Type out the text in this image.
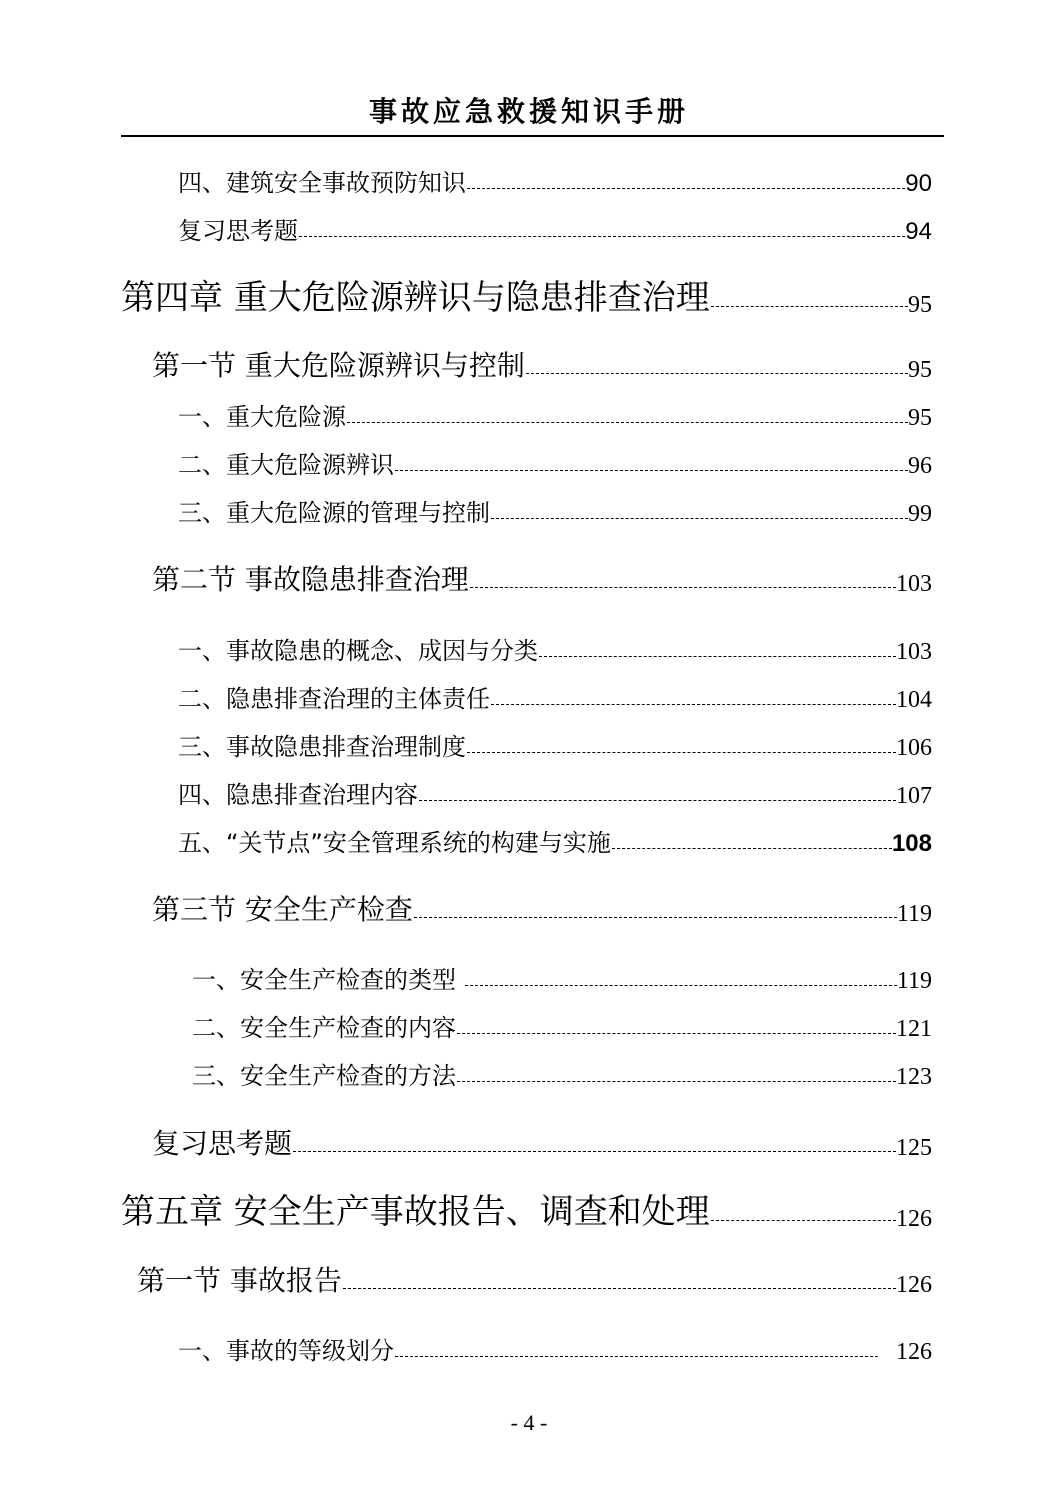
事故应急救援知识手册
四、建筑安全事故预防知识	90
复习思考题	94
第四章 重大危险源辨识与隐患排查治理	95
第一节 重大危险源辨识与控制	95
一、重大危险源	95
二、重大危险源辨识	96
三、重大危险源的管理与控制	99
第二节 事故隐患排查治理	103
一、事故隐患的概念、成因与分类	103
二、隐患排查治理的主体责任	104
三、事故隐患排查治理制度	106
四、隐患排查治理内容	107
五、“关节点”安全管理系统的构建与实施	108
第三节 安全生产检查	119
一、安全生产检查的类型	119
二、安全生产检查的内容	121
三、安全生产检查的方法	123
复习思考题	125
第五章 安全生产事故报告、调查和处理	126
第一节 事故报告	126
一、事故的等级划分	126
- 4 -
